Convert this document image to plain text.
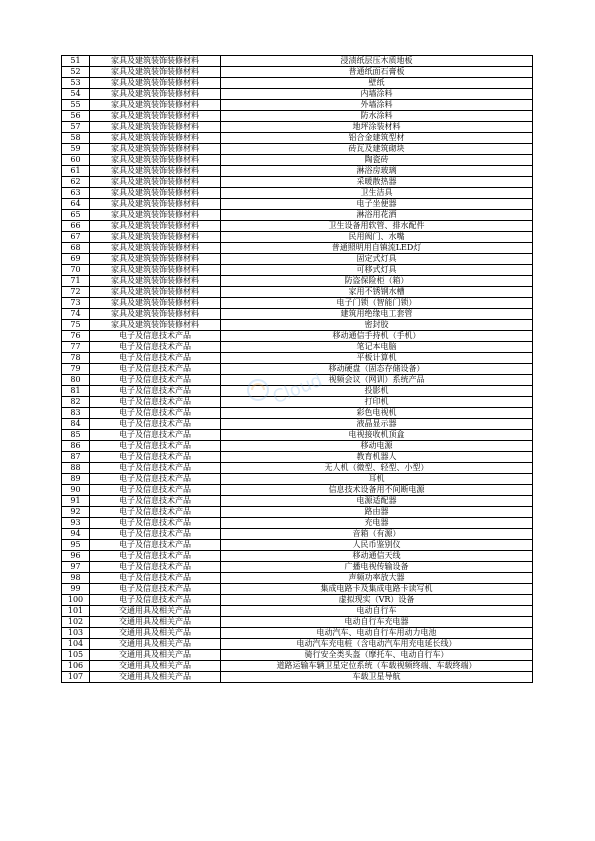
51	家具及建筑装饰装修材料	浸渍纸层压木质地板
52	家具及建筑装饰装修材料	普通纸面石膏板
53	家具及建筑装饰装修材料	壁纸
54	家具及建筑装饰装修材料	内墙涂料
55	家具及建筑装饰装修材料	外墙涂料
56	家具及建筑装饰装修材料	防水涂料
57	家具及建筑装饰装修材料	地坪涂装材料
58	家具及建筑装饰装修材料	铝合金建筑型材
59	家具及建筑装饰装修材料	砖瓦及建筑砌块
60	家具及建筑装饰装修材料	陶瓷砖
61	家具及建筑装饰装修材料	淋浴房玻璃
62	家具及建筑装饰装修材料	采暖散热器
63	家具及建筑装饰装修材料	卫生洁具
64	家具及建筑装饰装修材料	电子坐便器
65	家具及建筑装饰装修材料	淋浴用花洒
66	家具及建筑装饰装修材料	卫生设备用软管、排水配件
67	家具及建筑装饰装修材料	民用阀门、水嘴
68	家具及建筑装饰装修材料	普通照明用自镇流LED灯
69	家具及建筑装饰装修材料	固定式灯具
70	家具及建筑装饰装修材料	可移式灯具
71	家具及建筑装饰装修材料	防盗保险柜（箱）
72	家具及建筑装饰装修材料	家用不锈钢水槽
73	家具及建筑装饰装修材料	电子门锁（智能门锁）
74	家具及建筑装饰装修材料	建筑用绝缘电工套管
75	家具及建筑装饰装修材料	密封胶
76	电子及信息技术产品	移动通信手持机（手机）
77	电子及信息技术产品	笔记本电脑
78	电子及信息技术产品	平板计算机
79	电子及信息技术产品	移动硬盘（固态存储设备）
80	电子及信息技术产品	视频会议（网训）系统产品
81	电子及信息技术产品	投影机
82	电子及信息技术产品	打印机
83	电子及信息技术产品	彩色电视机
84	电子及信息技术产品	液晶显示器
85	电子及信息技术产品	电视接收机顶盒
86	电子及信息技术产品	移动电源
87	电子及信息技术产品	教育机器人
88	电子及信息技术产品	无人机（微型、轻型、小型）
89	电子及信息技术产品	耳机
90	电子及信息技术产品	信息技术设备用不间断电源
91	电子及信息技术产品	电源适配器
92	电子及信息技术产品	路由器
93	电子及信息技术产品	充电器
94	电子及信息技术产品	音箱（有源）
95	电子及信息技术产品	人民币鉴别仪
96	电子及信息技术产品	移动通信天线
97	电子及信息技术产品	广播电视传输设备
98	电子及信息技术产品	声频功率放大器
99	电子及信息技术产品	集成电路卡及集成电路卡读写机
100	电子及信息技术产品	虚拟现实（VR）设备
101	交通用具及相关产品	电动自行车
102	交通用具及相关产品	电动自行车充电器
103	交通用具及相关产品	电动汽车、电动自行车用动力电池
104	交通用具及相关产品	电动汽车充电桩（含电动汽车用充电延长线）
105	交通用具及相关产品	骑行安全类头盔（摩托车、电动自行车）
106	交通用具及相关产品	道路运输车辆卫星定位系统（车载视频终端、车载终端）
107	交通用具及相关产品	车载卫星导航
Cloud
